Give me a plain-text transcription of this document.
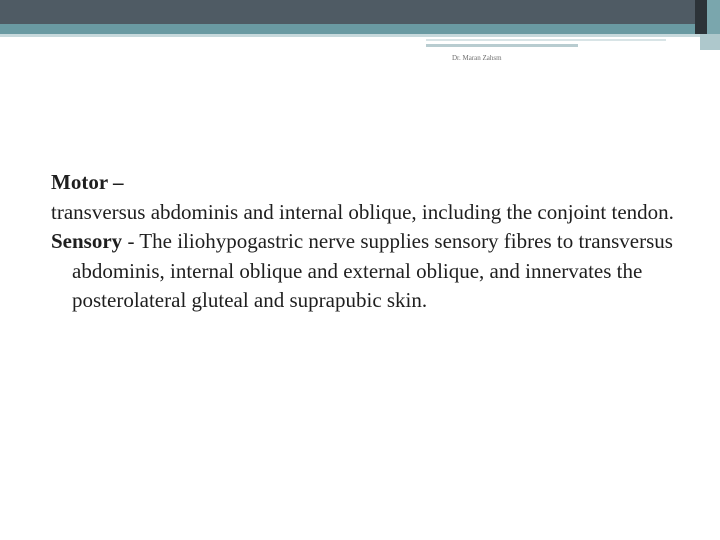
Dr. Maran Zahsm

Motor –

transversus abdominis and internal oblique, including the conjoint tendon.

Sensory - The iliohypogastric nerve supplies sensory fibres to transversus abdominis, internal oblique and external oblique, and innervates the posterolateral gluteal and suprapubic skin.
